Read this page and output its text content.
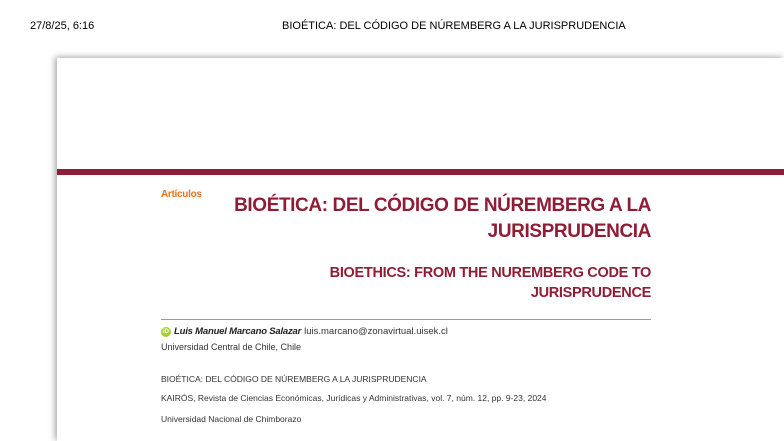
27/8/25, 6:16	BIOÉTICA: DEL CÓDIGO DE NÚREMBERG A LA JURISPRUDENCIA
Artículos
BIOÉTICA: DEL CÓDIGO DE NÚREMBERG A LA
JURISPRUDENCIA
BIOETHICS: FROM THE NUREMBERG CODE TO
JURISPRUDENCE
iD Luis Manuel Marcano Salazar luis.marcano@zonavirtual.uisek.cl
Universidad Central de Chile, Chile
BIOÉTICA: DEL CÓDIGO DE NÚREMBERG A LA JURISPRUDENCIA
KAIRÓS, Revista de Ciencias Económicas, Jurídicas y Administrativas, vol. 7, núm. 12, pp. 9-23, 2024
Universidad Nacional de Chimborazo
